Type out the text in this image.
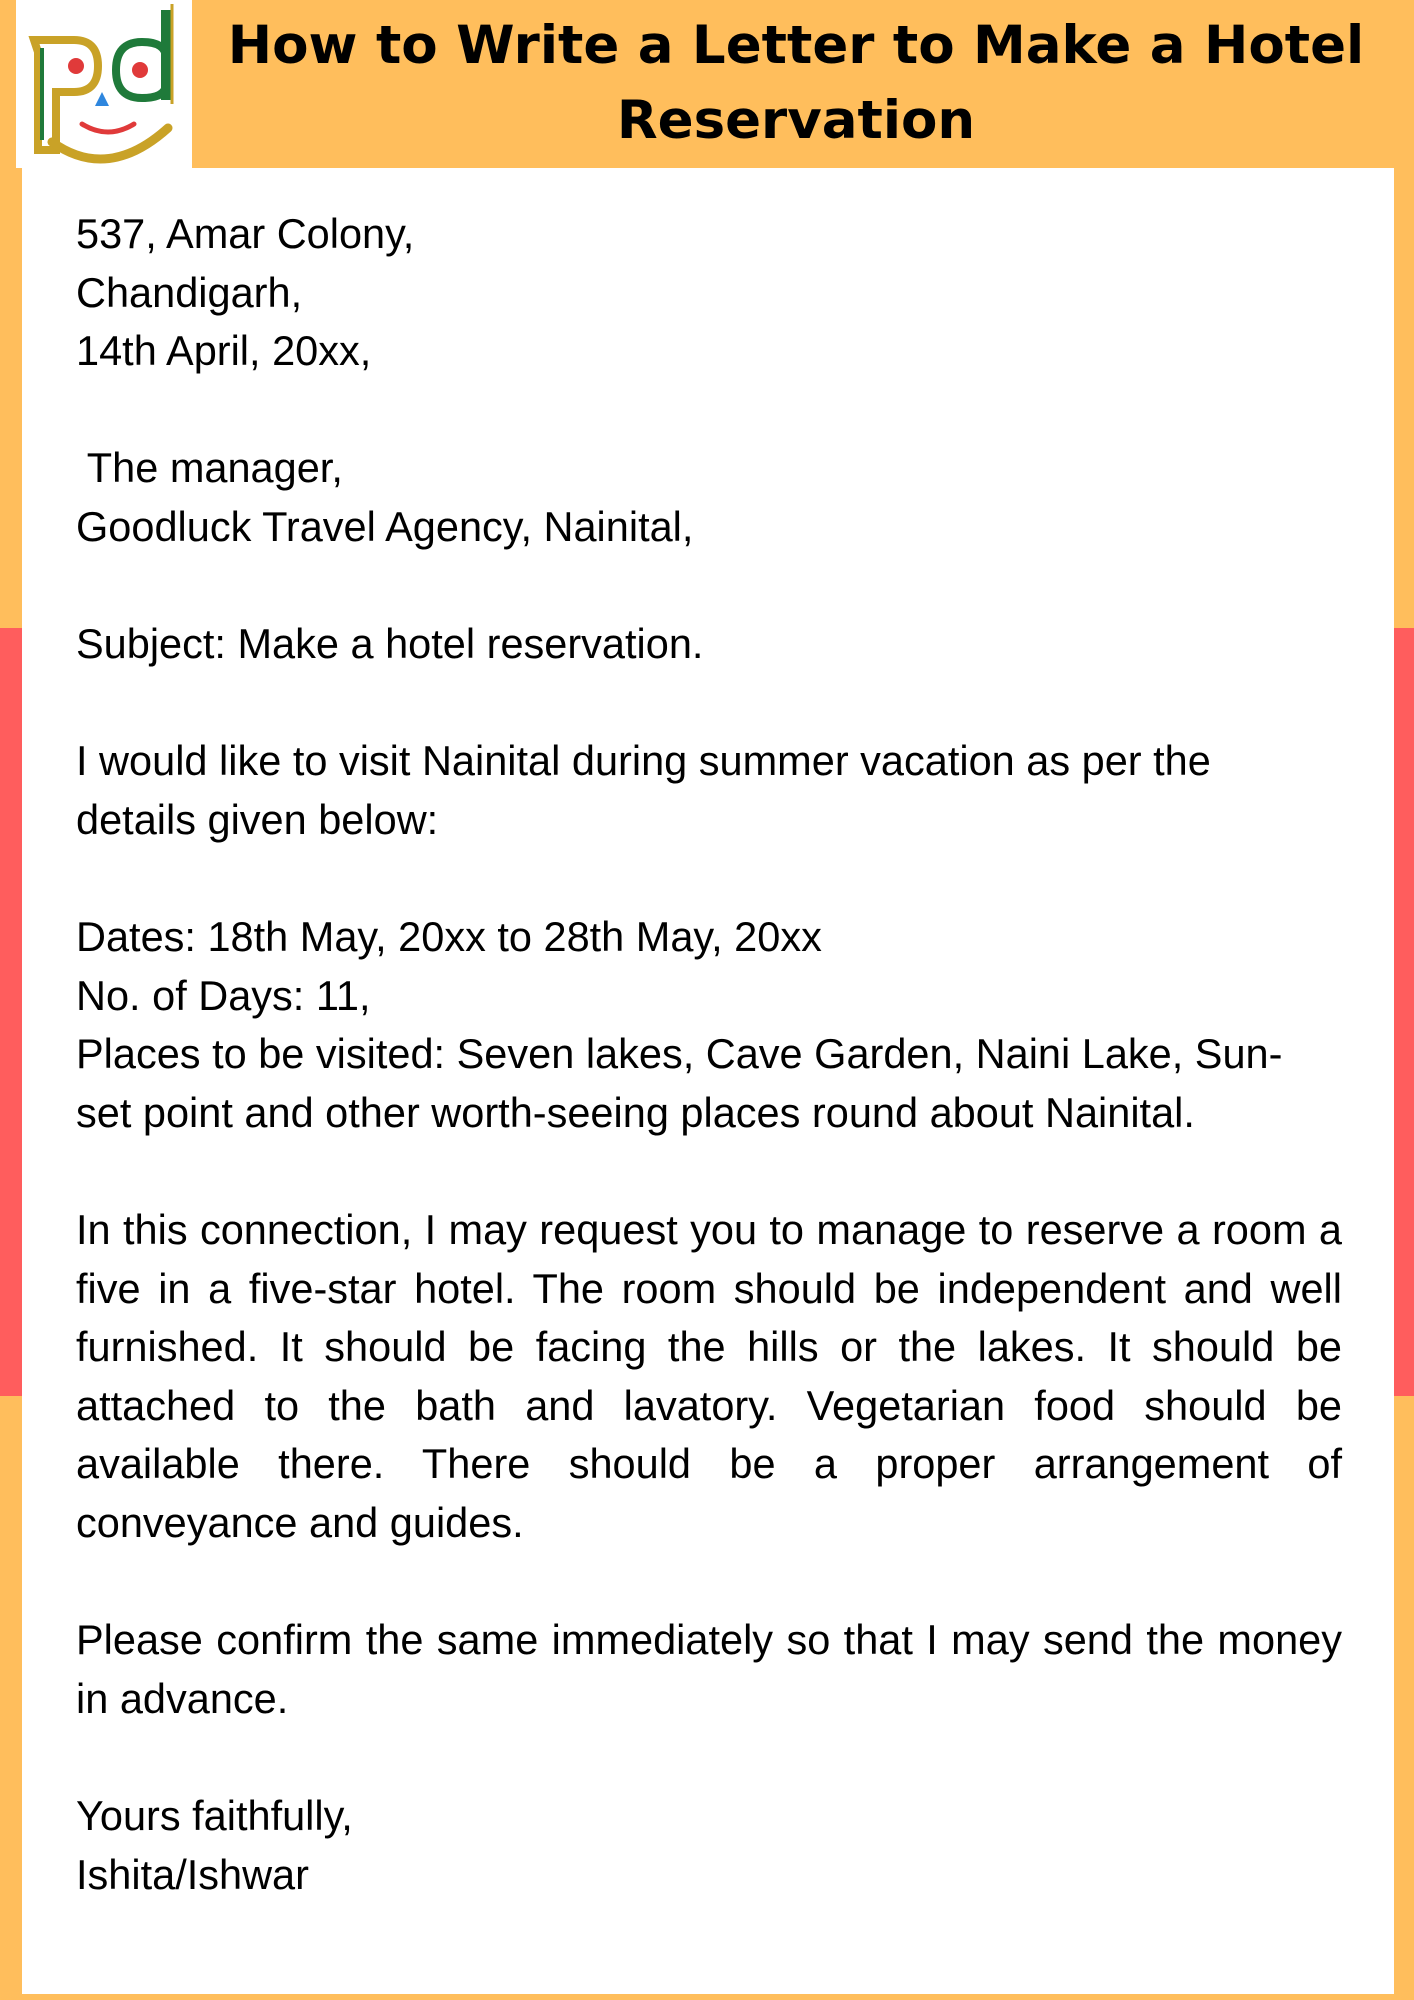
How to Write a Letter to Make a Hotel
Reservation
537, Amar Colony,
Chandigarh,
14th April, 20xx,
The manager,
Goodluck Travel Agency, Nainital,
Subject: Make a hotel reservation.

I would like to visit Nainital during summer vacation as per the details given below:

Dates: 18th May, 20xx to 28th May, 20xx
No. of Days: 11,
Places to be visited: Seven lakes, Cave Garden, Naini Lake, Sun-
set point and other worth-seeing places round about Nainital.

In this connection, I may request you to manage to reserve a room a five in a five-star hotel. The room should be independent and well furnished. It should be facing the hills or the lakes. It should be attached to the bath and lavatory. Vegetarian food should be available there. There should be a proper arrangement of conveyance and guides.

Please confirm the same immediately so that I may send the money in advance.

Yours faithfully,
Ishita/Ishwar
